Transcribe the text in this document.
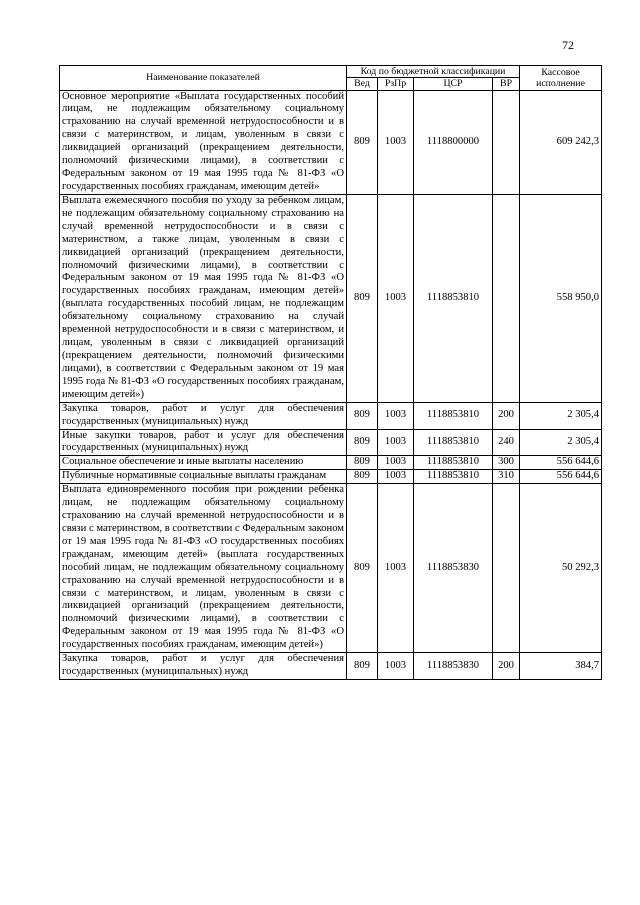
72
Наименование показателей	Код по бюджетной классификации				Кассовое исполнение
	Вед	РзПр	ЦСР	ВР	
Основное мероприятие «Выплата государственных пособий лицам, не подлежащим обязательному социальному страхованию на случай временной нетрудоспособности и в связи с материнством, и лицам, уволенным в связи с ликвидацией организаций (прекращением деятельности, полномочий физическими лицами), в соответствии с Федеральным законом от 19 мая 1995 года № 81-ФЗ «О государственных пособиях гражданам, имеющим детей»	809	1003	1118800000		609 242,3
Выплата ежемесячного пособия по уходу за ребенком лицам, не подлежащим обязательному социальному страхованию на случай временной нетрудоспособности и в связи с материнством, а также лицам, уволенным в связи с ликвидацией организаций (прекращением деятельности, полномочий физическими лицами), в соответствии с Федеральным законом от 19 мая 1995 года № 81-ФЗ «О государственных пособиях гражданам, имеющим детей» (выплата государственных пособий лицам, не подлежащим обязательному социальному страхованию на случай временной нетрудоспособности и в связи с материнством, и лицам, уволенным в связи с ликвидацией организаций (прекращением деятельности, полномочий физическими лицами), в соответствии с Федеральным законом от 19 мая 1995 года № 81-ФЗ «О государственных пособиях гражданам, имеющим детей»)	809	1003	1118853810		558 950,0
Закупка товаров, работ и услуг для обеспечения государственных (муниципальных) нужд	809	1003	1118853810	200	2 305,4
Иные закупки товаров, работ и услуг для обеспечения государственных (муниципальных) нужд	809	1003	1118853810	240	2 305,4
Социальное обеспечение и иные выплаты населению	809	1003	1118853810	300	556 644,6
Публичные нормативные социальные выплаты гражданам	809	1003	1118853810	310	556 644,6
Выплата единовременного пособия при рождении ребенка лицам, не подлежащим обязательному социальному страхованию на случай временной нетрудоспособности и в связи с материнством, в соответствии с Федеральным законом от 19 мая 1995 года № 81-ФЗ «О государственных пособиях гражданам, имеющим детей» (выплата государственных пособий лицам, не подлежащим обязательному социальному страхованию на случай временной нетрудоспособности и в связи с материнством, и лицам, уволенным в связи с ликвидацией организаций (прекращением деятельности, полномочий физическими лицами), в соответствии с Федеральным законом от 19 мая 1995 года № 81-ФЗ «О государственных пособиях гражданам, имеющим детей»)	809	1003	1118853830		50 292,3
Закупка товаров, работ и услуг для обеспечения государственных (муниципальных) нужд	809	1003	1118853830	200	384,7
